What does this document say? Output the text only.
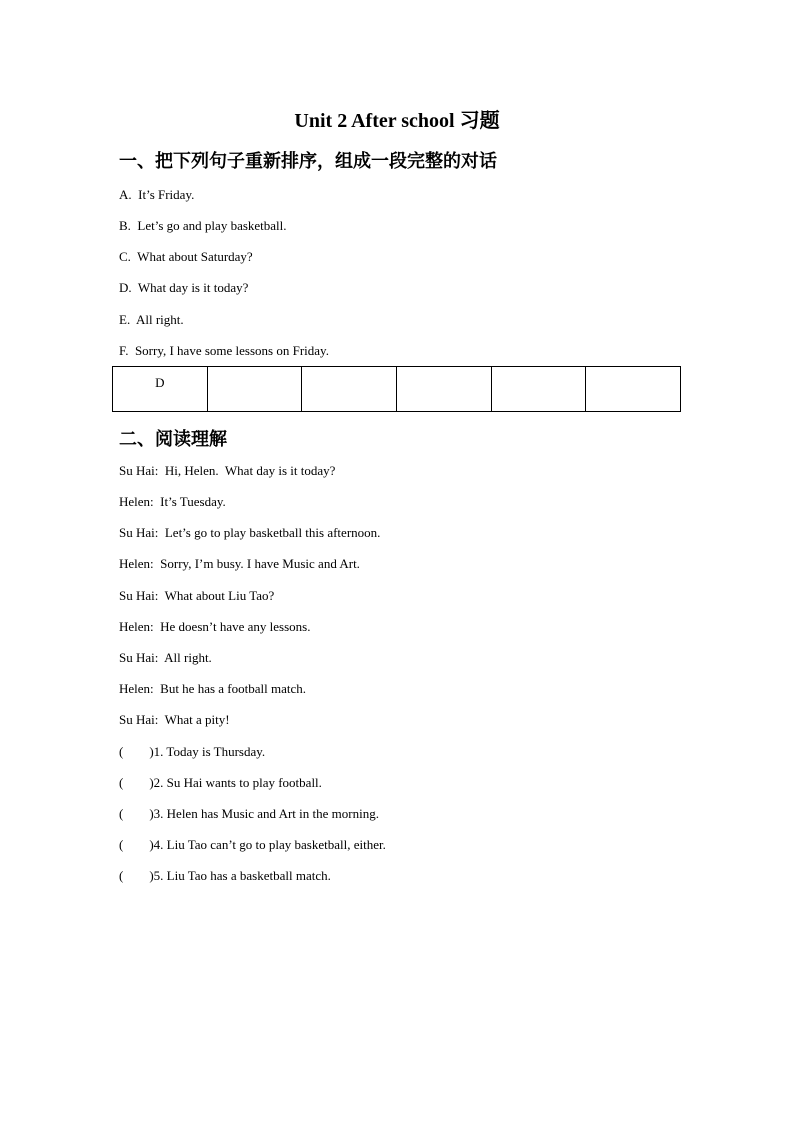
Unit 2 After school 习题
一、把下列句子重新排序，组成一段完整的对话
A.  It’s Friday.
B.  Let’s go and play basketball.
C.  What about Saturday?
D.  What day is it today?
E.  All right.
F.  Sorry, I have some lessons on Friday.
D					
二、阅读理解
Su Hai:  Hi, Helen.  What day is it today?
Helen:  It’s Tuesday.
Su Hai:  Let’s go to play basketball this afternoon.
Helen:  Sorry, I’m busy. I have Music and Art.
Su Hai:  What about Liu Tao?
Helen:  He doesn’t have any lessons.
Su Hai:  All right.
Helen:  But he has a football match.
Su Hai:  What a pity!
(        )1. Today is Thursday.
(        )2. Su Hai wants to play football.
(        )3. Helen has Music and Art in the morning.
(        )4. Liu Tao can’t go to play basketball, either.
(        )5. Liu Tao has a basketball match.
